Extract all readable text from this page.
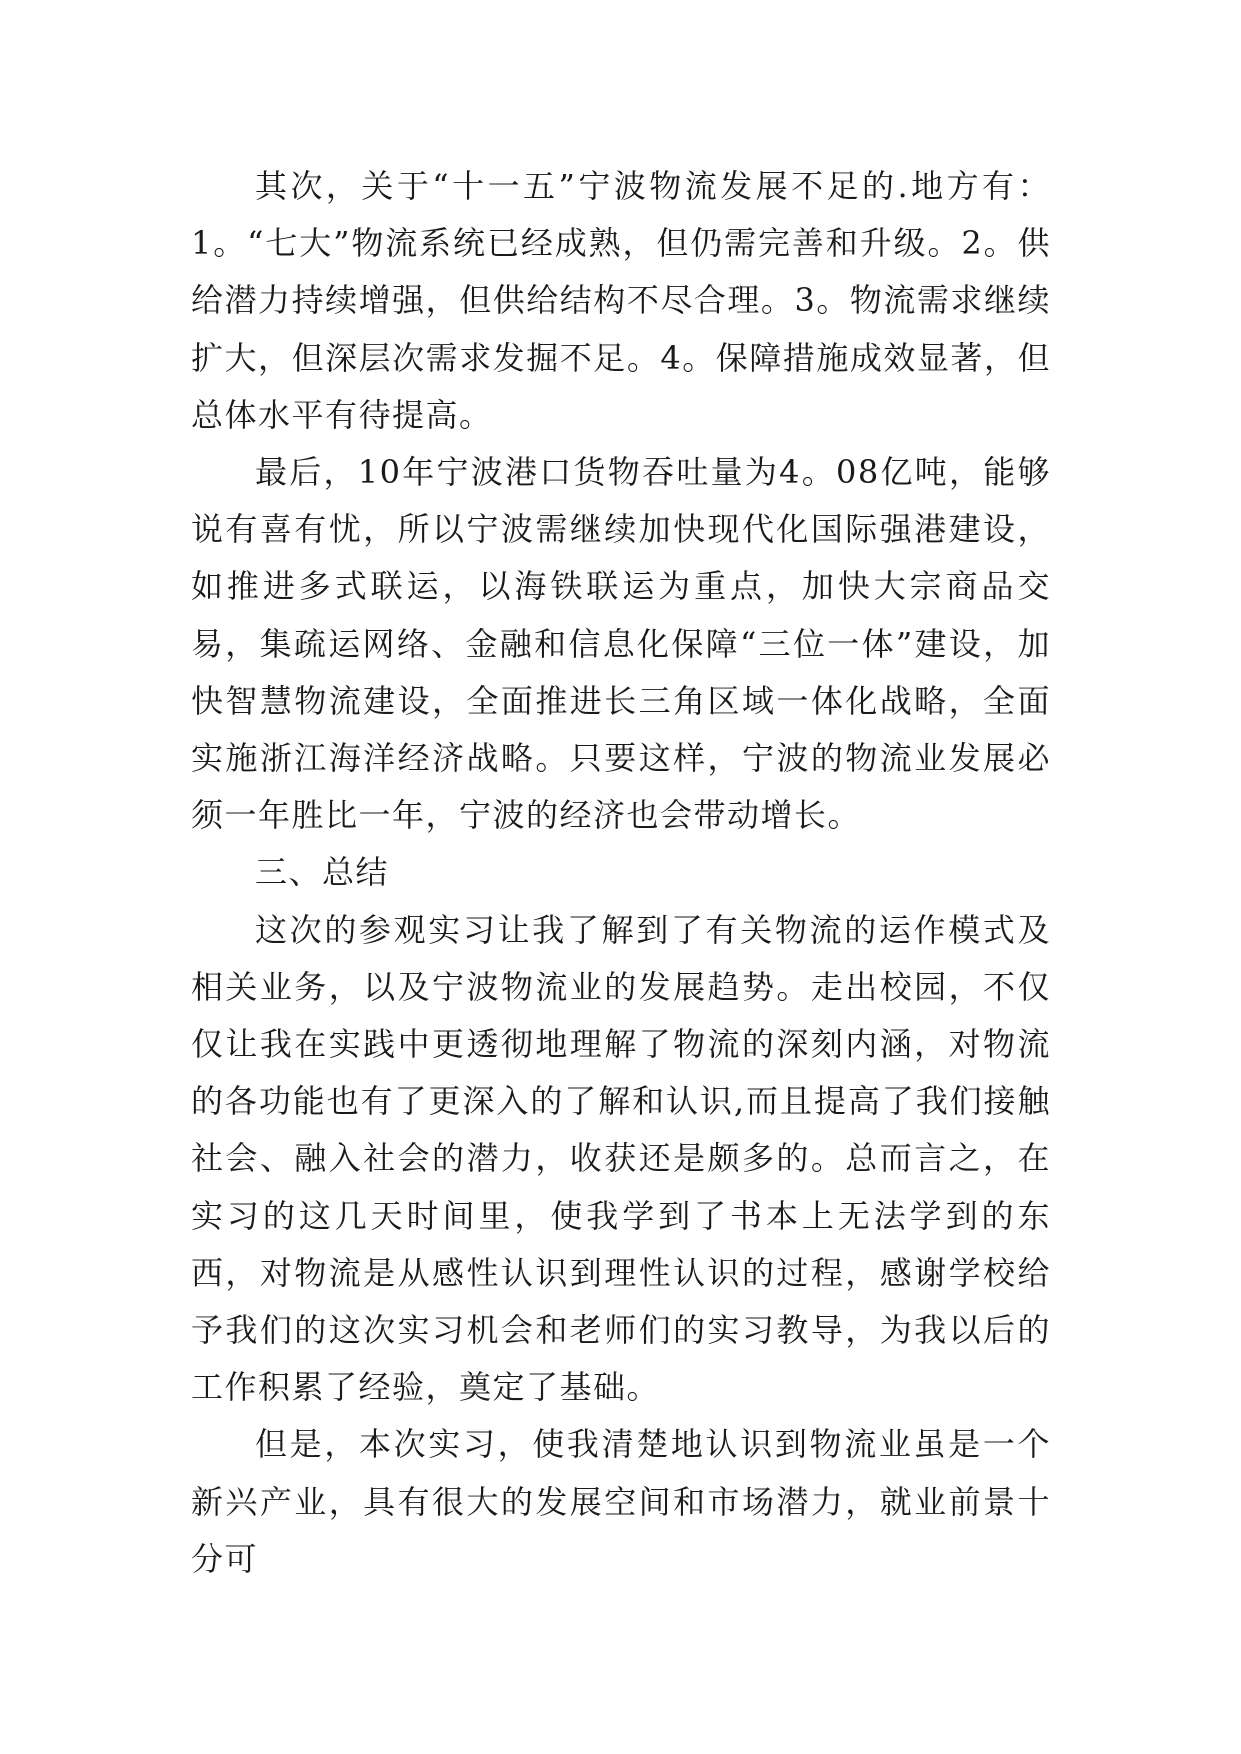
其次，关于“十一五”宁波物流发展不足的.地方有：1。“七大”物流系统已经成熟，但仍需完善和升级。2。供给潜力持续增强，但供给结构不尽合理。3。物流需求继续扩大，但深层次需求发掘不足。4。保障措施成效显著，但总体水平有待提高。

最后，10年宁波港口货物吞吐量为4。08亿吨，能够说有喜有忧，所以宁波需继续加快现代化国际强港建设，如推进多式联运，以海铁联运为重点，加快大宗商品交易，集疏运网络、金融和信息化保障“三位一体”建设，加快智慧物流建设，全面推进长三角区域一体化战略，全面实施浙江海洋经济战略。只要这样，宁波的物流业发展必须一年胜比一年，宁波的经济也会带动增长。

三、总结

这次的参观实习让我了解到了有关物流的运作模式及相关业务，以及宁波物流业的发展趋势。走出校园，不仅仅让我在实践中更透彻地理解了物流的深刻内涵，对物流的各功能也有了更深入的了解和认识,而且提高了我们接触社会、融入社会的潜力，收获还是颇多的。总而言之，在实习的这几天时间里，使我学到了书本上无法学到的东西，对物流是从感性认识到理性认识的过程，感谢学校给予我们的这次实习机会和老师们的实习教导，为我以后的工作积累了经验，奠定了基础。

但是，本次实习，使我清楚地认识到物流业虽是一个新兴产业，具有很大的发展空间和市场潜力，就业前景十分可
